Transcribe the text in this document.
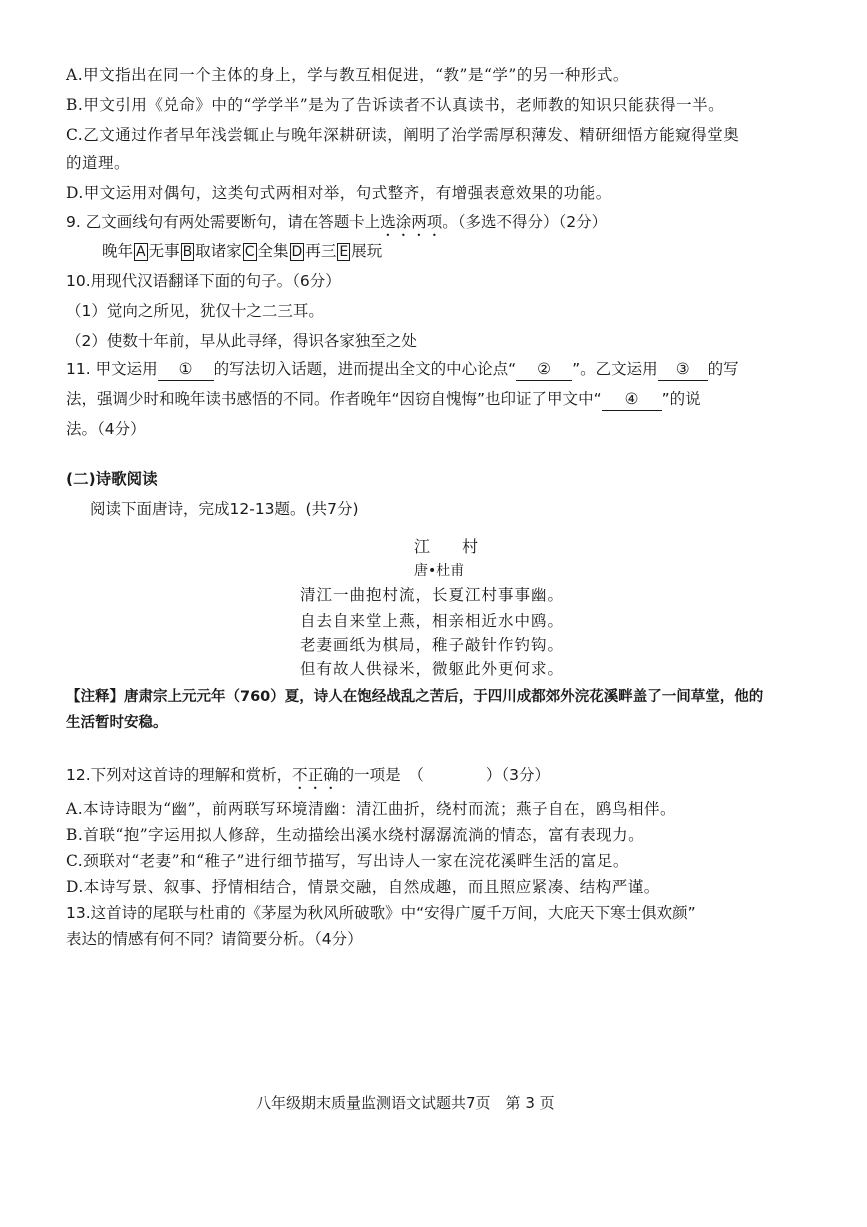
A.甲文指出在同一个主体的身上，学与教互相促进，“教”是“学”的另一种形式。
B.甲文引用《兑命》中的“学学半”是为了告诉读者不认真读书，老师教的知识只能获得一半。
C.乙文通过作者早年浅尝辄止与晚年深耕研读，阐明了治学需厚积薄发、精研细悟方能窥得堂奥
的道理。
D.甲文运用对偶句，这类句式两相对举，句式整齐，有增强表意效果的功能。
9. 乙文画线句有两处需要断句，请在答题卡上选涂两项。（多选不得分）（2分）
晚年 A 无事 B 取诸家 C 全集 D 再三 E 展玩
10.用现代汉语翻译下面的句子。（6分）
（1）觉向之所见，犹仅十之二三耳。
（2）使数十年前，早从此寻绎，得识各家独至之处
11. 甲文运用 ① 的写法切入话题，进而提出全文的中心论点“ ② ”。乙文运用 ③ 的写
法，强调少时和晚年读书感悟的不同。作者晚年“因窃自愧悔”也印证了甲文中“ ④ ”的说
法。（4分）
(二)诗歌阅读
阅读下面唐诗，完成12-13题。(共7分)
江　　村
唐•杜甫
清江一曲抱村流，长夏江村事事幽。
自去自来堂上燕，相亲相近水中鸥。
老妻画纸为棋局，稚子敲针作钓钩。
但有故人供禄米，微躯此外更何求。
【注释】唐肃宗上元元年（760）夏，诗人在饱经战乱之苦后，于四川成都郊外浣花溪畔盖了一间草堂，他的
生活暂时安稳。
12.下列对这首诗的理解和赏析，不正确的一项是　（　　　　）（3分）
A.本诗诗眼为“幽”，前两联写环境清幽：清江曲折，绕村而流；燕子自在，鸥鸟相伴。
B.首联“抱”字运用拟人修辞，生动描绘出溪水绕村潺潺流淌的情态，富有表现力。
C.颈联对“老妻”和“稚子”进行细节描写，写出诗人一家在浣花溪畔生活的富足。
D.本诗写景、叙事、抒情相结合，情景交融，自然成趣，而且照应紧凑、结构严谨。
13.这首诗的尾联与杜甫的《茅屋为秋风所破歌》中“安得广厦千万间，大庇天下寒士俱欢颜”
表达的情感有何不同？请简要分析。（4分）
八年级期末质量监测语文试题共7页　第 3 页
